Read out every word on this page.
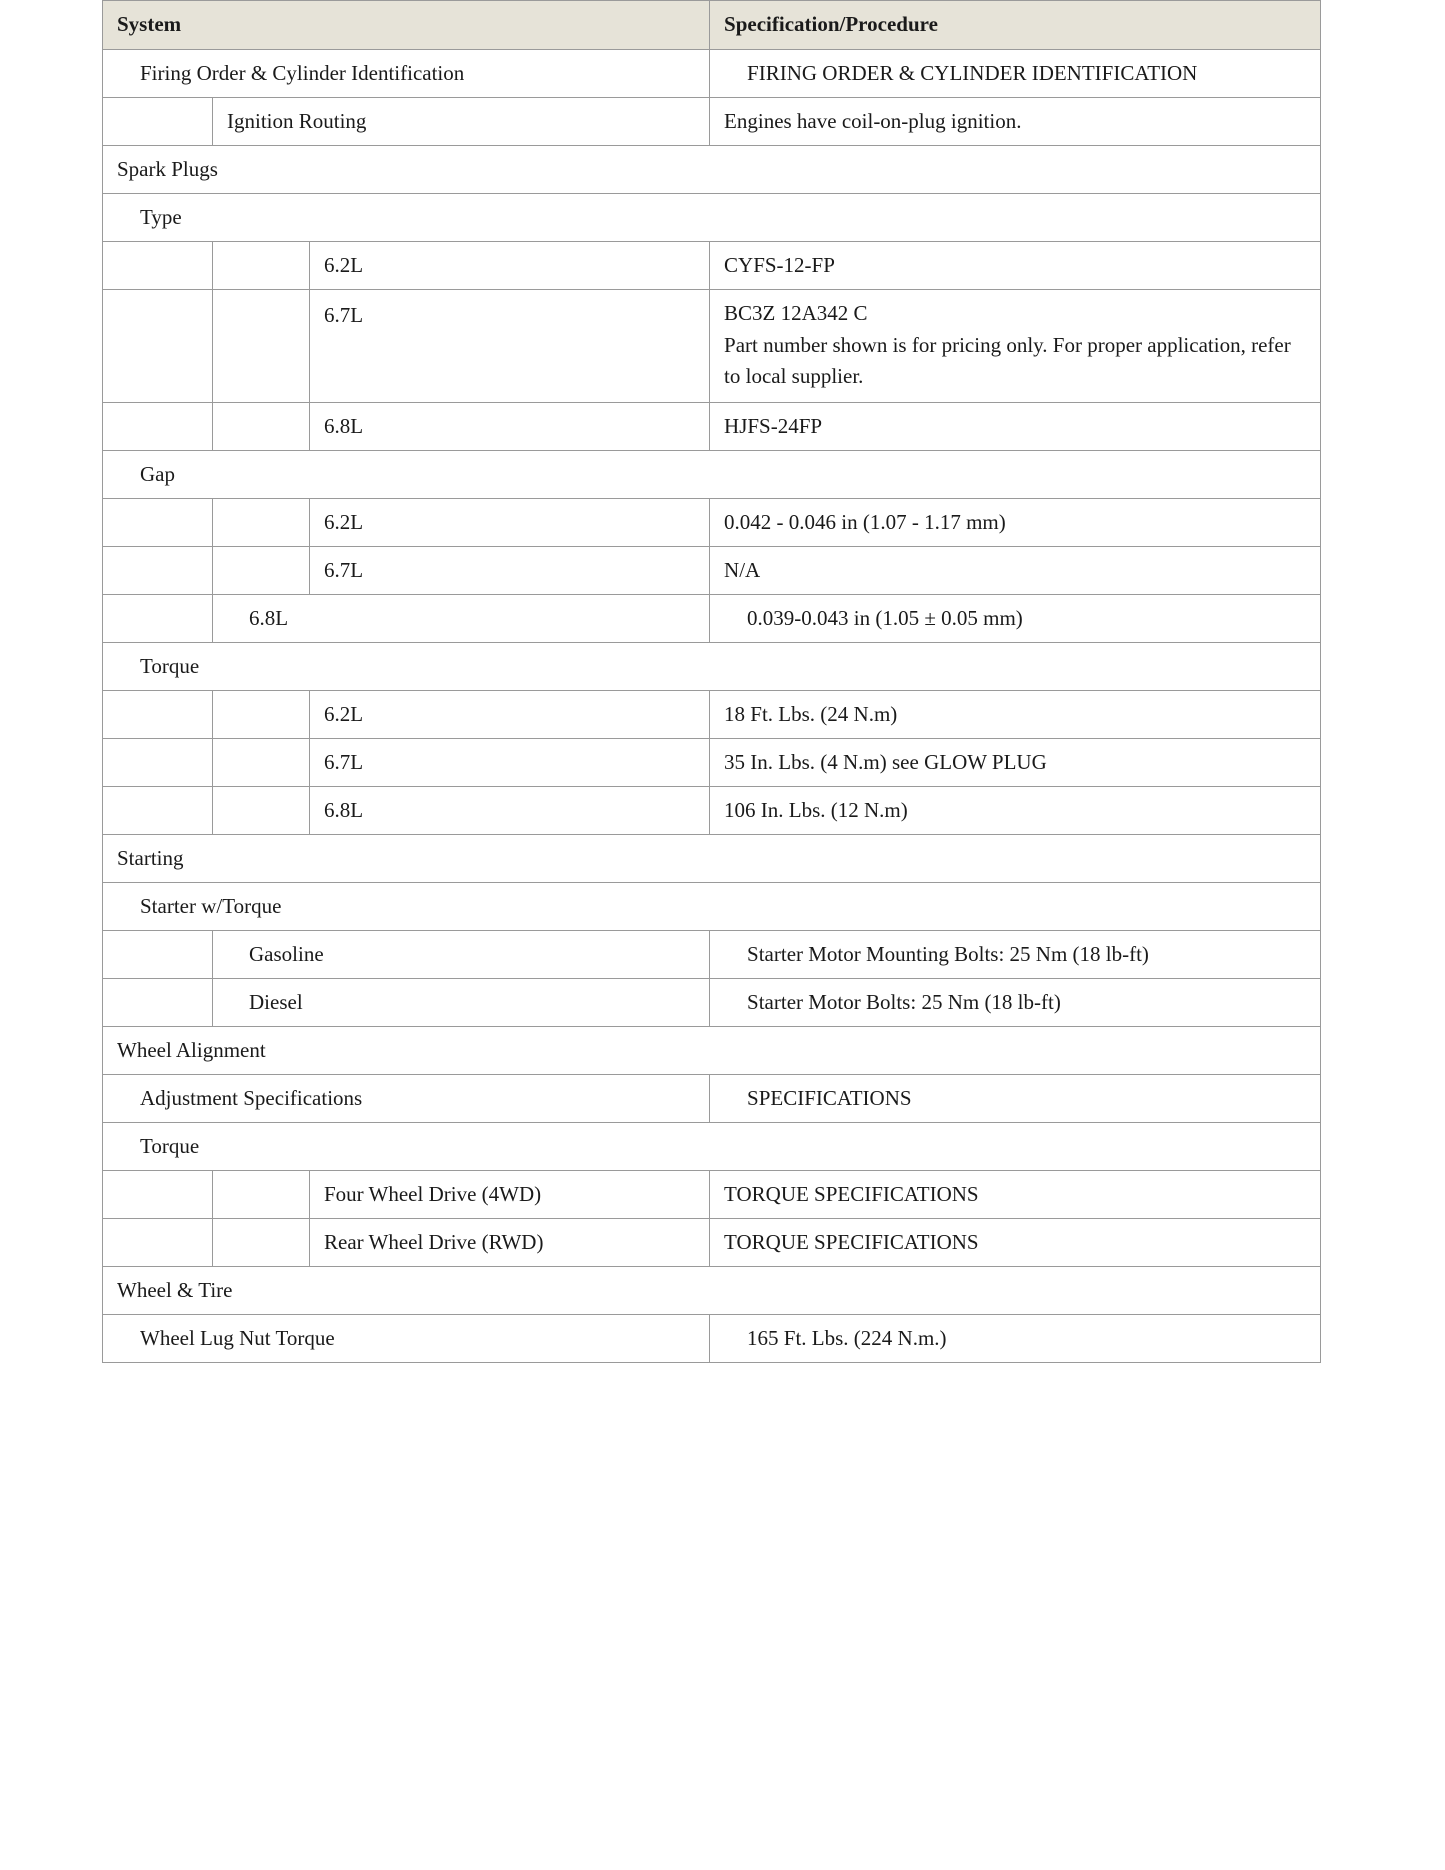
System			Specification/Procedure
Firing Order & Cylinder Identification			FIRING ORDER & CYLINDER IDENTIFICATION
	Ignition Routing		Engines have coil-on-plug ignition.
Spark Plugs			
Type			
		6.2L	CYFS-12-FP
		6.7L	BC3Z 12A342 C
Part number shown is for pricing only. For proper application, refer to local supplier.

		6.8L	HJFS-24FP
Gap			
		6.2L	0.042 - 0.046 in (1.07 - 1.17 mm)
		6.7L	N/A
	6.8L		0.039-0.043 in (1.05 ± 0.05 mm)
Torque			
		6.2L	18 Ft. Lbs. (24 N.m)
		6.7L	35 In. Lbs. (4 N.m) see GLOW PLUG
		6.8L	106 In. Lbs. (12 N.m)
Starting			
Starter w/Torque			
	Gasoline		Starter Motor Mounting Bolts: 25 Nm (18 lb-ft)
	Diesel		Starter Motor Bolts: 25 Nm (18 lb-ft)
Wheel Alignment			
Adjustment Specifications			SPECIFICATIONS
Torque			
		Four Wheel Drive (4WD)	TORQUE SPECIFICATIONS
		Rear Wheel Drive (RWD)	TORQUE SPECIFICATIONS
Wheel & Tire			
Wheel Lug Nut Torque			165 Ft. Lbs. (224 N.m.)
